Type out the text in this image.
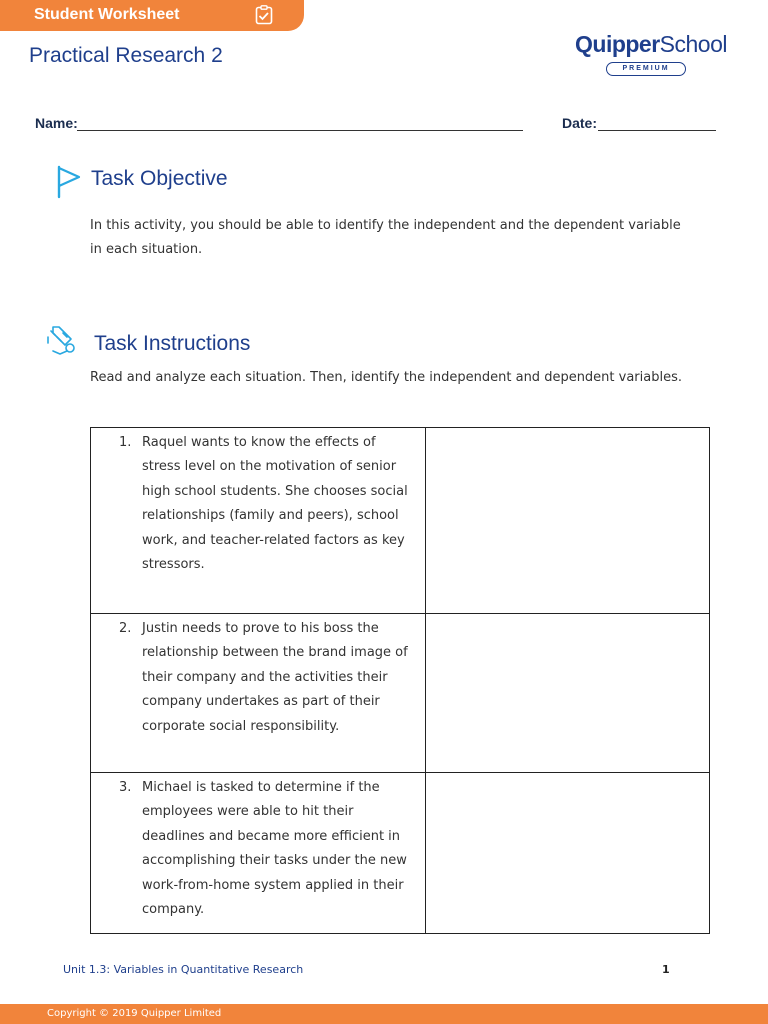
Student Worksheet
Practical Research 2	QuipperSchool
PREMIUM
Name:	Date:
Task Objective
In this activity, you should be able to identify the independent and the dependent variable in each situation.
Task Instructions
Read and analyze each situation. Then, identify the independent and dependent variables.
1. Raquel wants to know the effects of stress level on the motivation of senior high school students. She chooses social relationships (family and peers), school work, and teacher-related factors as key stressors.	

2. Justin needs to prove to his boss the relationship between the brand image of their company and the activities their company undertakes as part of their corporate social responsibility.	

3. Michael is tasked to determine if the employees were able to hit their deadlines and became more efficient in accomplishing their tasks under the new work-from-home system applied in their company.	

Unit 1.3: Variables in Quantitative Research	1
Copyright © 2019 Quipper Limited
